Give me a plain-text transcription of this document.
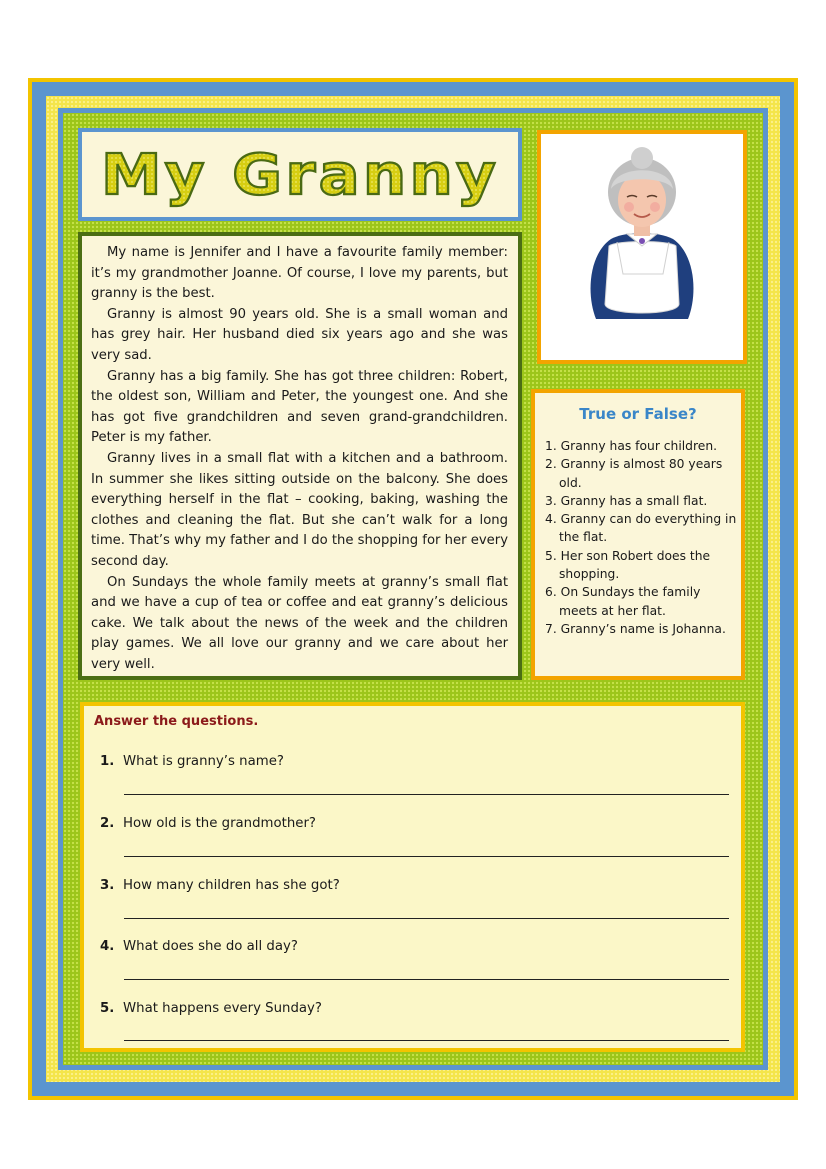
My Granny

My name is Jennifer and I have a favourite family member: it’s my grandmother Joanne. Of course, I love my parents, but granny is the best.

Granny is almost 90 years old. She is a small woman and has grey hair. Her husband died six years ago and she was very sad.

Granny has a big family. She has got three children: Robert, the oldest son, William and Peter, the youngest one. And she has got five grandchildren and seven grand-grandchildren. Peter is my father.

Granny lives in a small flat with a kitchen and a bathroom. In summer she likes sitting outside on the balcony. She does everything herself in the flat – cooking, baking, washing the clothes and cleaning the flat. But she can’t walk for a long time. That’s why my father and I do the shopping for her every second day.

On Sundays the whole family meets at granny’s small flat and we have a cup of tea or coffee and eat granny’s delicious cake. We talk about the news of the week and the children play games. We all love our granny and we care about her very well.

True or False?
1. Granny has four children.
2. Granny is almost 80 years old.
3. Granny has a small flat.
4. Granny can do everything in the flat.
5. Her son Robert does the shopping.
6. On Sundays the family meets at her flat.
7. Granny’s name is Johanna.
Answer the questions.
1. What is granny’s name?
2. How old is the grandmother?
3. How many children has she got?
4. What does she do all day?
5. What happens every Sunday?
